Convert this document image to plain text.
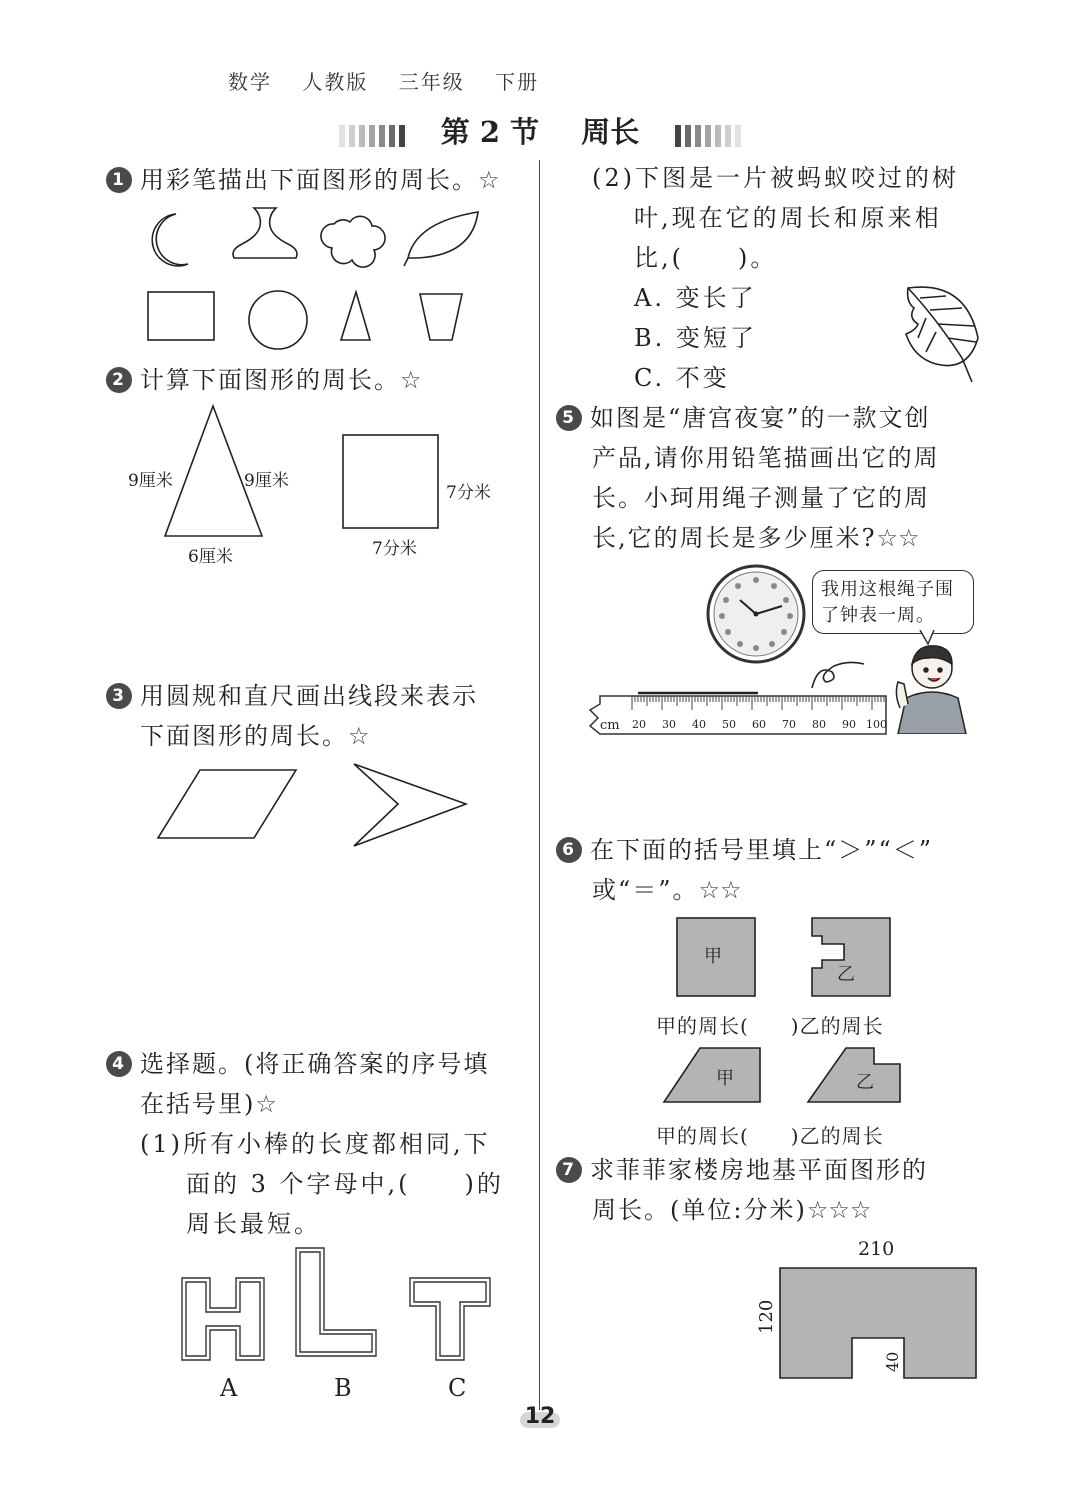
数学 人教版 三年级 下册
第 2 节 周长
1 用彩笔描出下面图形的周长。☆
2 计算下面图形的周长。☆
9厘米	9厘米
6厘米
7分米
7分米
3 用圆规和直尺画出线段来表示
下面图形的周长。☆
4 选择题。(将正确答案的序号填
在括号里)☆
(1)所有小棒的长度都相同,下
面的 3 个字母中,(　　)的
周长最短。
A	B	C
(2)下图是一片被蚂蚁咬过的树
叶,现在它的周长和原来相
比,(　　)。
A. 变长了
B. 变短了
C. 不变
5 如图是“唐宫夜宴”的一款文创
产品,请你用铅笔描画出它的周
长。小珂用绳子测量了它的周
长,它的周长是多少厘米?☆☆
我用这根绳子围
了钟表一周。
cm 20 30 40 50 60 70 80 90 100
6 在下面的括号里填上“＞”“＜”
或“＝”。☆☆
甲
乙
甲的周长(　　)乙的周长
甲	乙
甲的周长(　　)乙的周长
7 求菲菲家楼房地基平面图形的
周长。(单位:分米)☆☆☆
210
120
40
12
